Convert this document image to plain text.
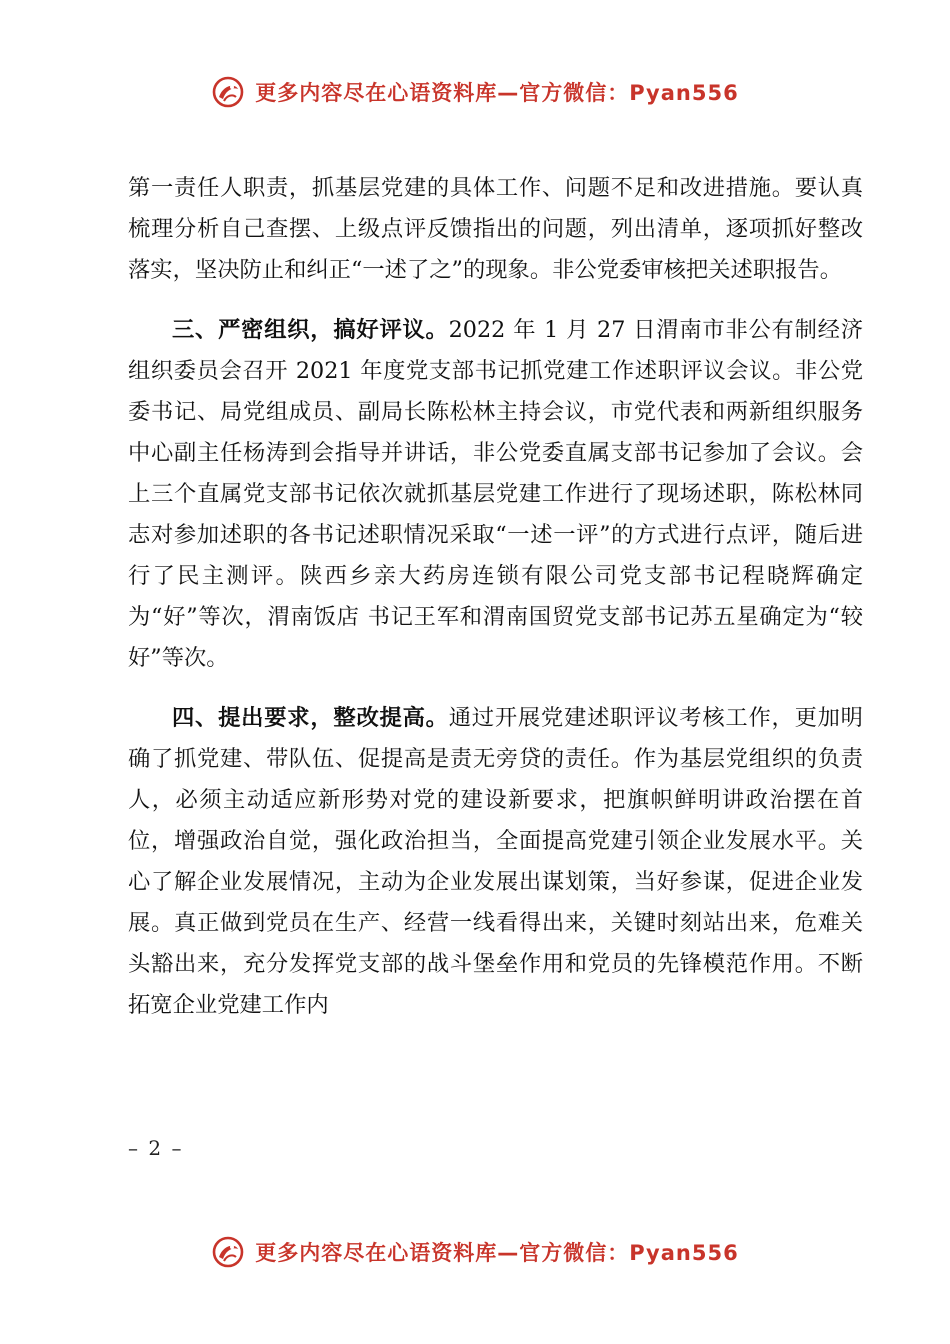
更多内容尽在心语资料库—官方微信：Pyan556

第一责任人职责，抓基层党建的具体工作、问题不足和改进措施。要认真梳理分析自己查摆、上级点评反馈指出的问题，列出清单，逐项抓好整改落实，坚决防止和纠正“一述了之”的现象。非公党委审核把关述职报告。

三、严密组织，搞好评议。2022 年 1 月 27 日渭南市非公有制经济组织委员会召开 2021 年度党支部书记抓党建工作述职评议会议。非公党委书记、局党组成员、副局长陈松林主持会议，市党代表和两新组织服务中心副主任杨涛到会指导并讲话，非公党委直属支部书记参加了会议。会上三个直属党支部书记依次就抓基层党建工作进行了现场述职，陈松林同志对参加述职的各书记述职情况采取“一述一评”的方式进行点评，随后进行了民主测评。陕西乡亲大药房连锁有限公司党支部书记程晓辉确定为“好”等次，渭南饭店 书记王军和渭南国贸党支部书记苏五星确定为“较好”等次。

四、提出要求，整改提高。通过开展党建述职评议考核工作，更加明确了抓党建、带队伍、促提高是责无旁贷的责任。作为基层党组织的负责人，必须主动适应新形势对党的建设新要求，把旗帜鲜明讲政治摆在首位，增强政治自觉，强化政治担当，全面提高党建引领企业发展水平。关心了解企业发展情况，主动为企业发展出谋划策，当好参谋，促进企业发展。真正做到党员在生产、经营一线看得出来，关键时刻站出来，危难关头豁出来，充分发挥党支部的战斗堡垒作用和党员的先锋模范作用。不断拓宽企业党建工作内

– 2 –
更多内容尽在心语资料库—官方微信：Pyan556
